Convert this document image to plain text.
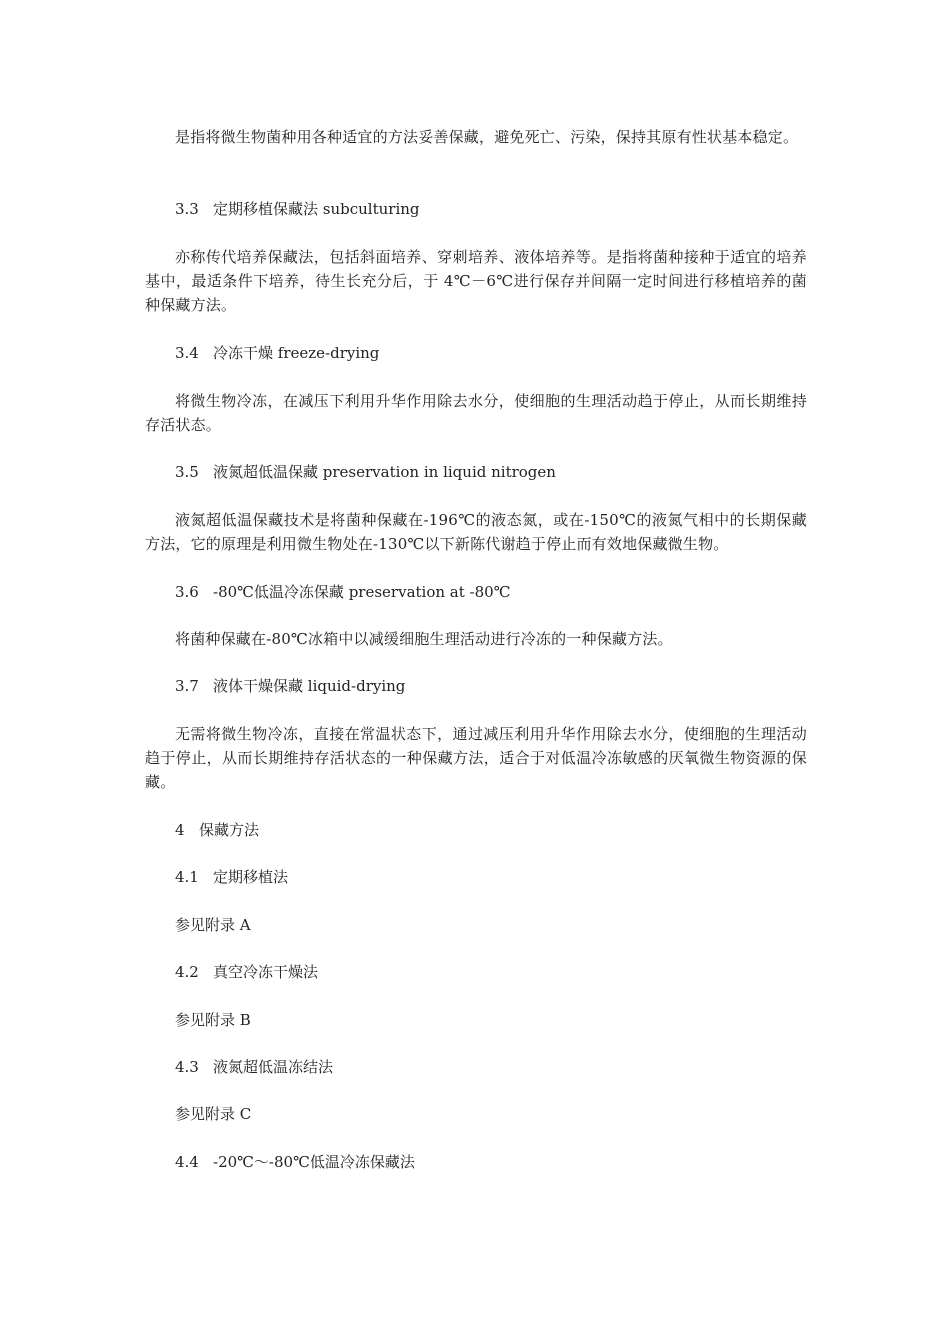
是指将微生物菌种用各种适宜的方法妥善保藏，避免死亡、污染，保持其原有性状基本稳定。

3.3 定期移植保藏法 subculturing

亦称传代培养保藏法，包括斜面培养、穿刺培养、液体培养等。是指将菌种接种于适宜的培养基中，最适条件下培养，待生长充分后，于 4℃－6℃进行保存并间隔一定时间进行移植培养的菌种保藏方法。

3.4 冷冻干燥 freeze-drying

将微生物冷冻，在减压下利用升华作用除去水分，使细胞的生理活动趋于停止，从而长期维持存活状态。

3.5 液氮超低温保藏 preservation in liquid nitrogen

液氮超低温保藏技术是将菌种保藏在-196℃的液态氮，或在-150℃的液氮气相中的长期保藏方法，它的原理是利用微生物处在-130℃以下新陈代谢趋于停止而有效地保藏微生物。

3.6 -80℃低温冷冻保藏 preservation at -80℃

将菌种保藏在-80℃冰箱中以减缓细胞生理活动进行冷冻的一种保藏方法。

3.7 液体干燥保藏 liquid-drying

无需将微生物冷冻，直接在常温状态下，通过减压利用升华作用除去水分，使细胞的生理活动趋于停止，从而长期维持存活状态的一种保藏方法，适合于对低温冷冻敏感的厌氧微生物资源的保藏。

4 保藏方法

4.1 定期移植法

参见附录 A

4.2 真空冷冻干燥法

参见附录 B

4.3 液氮超低温冻结法

参见附录 C

4.4 -20℃～-80℃低温冷冻保藏法
